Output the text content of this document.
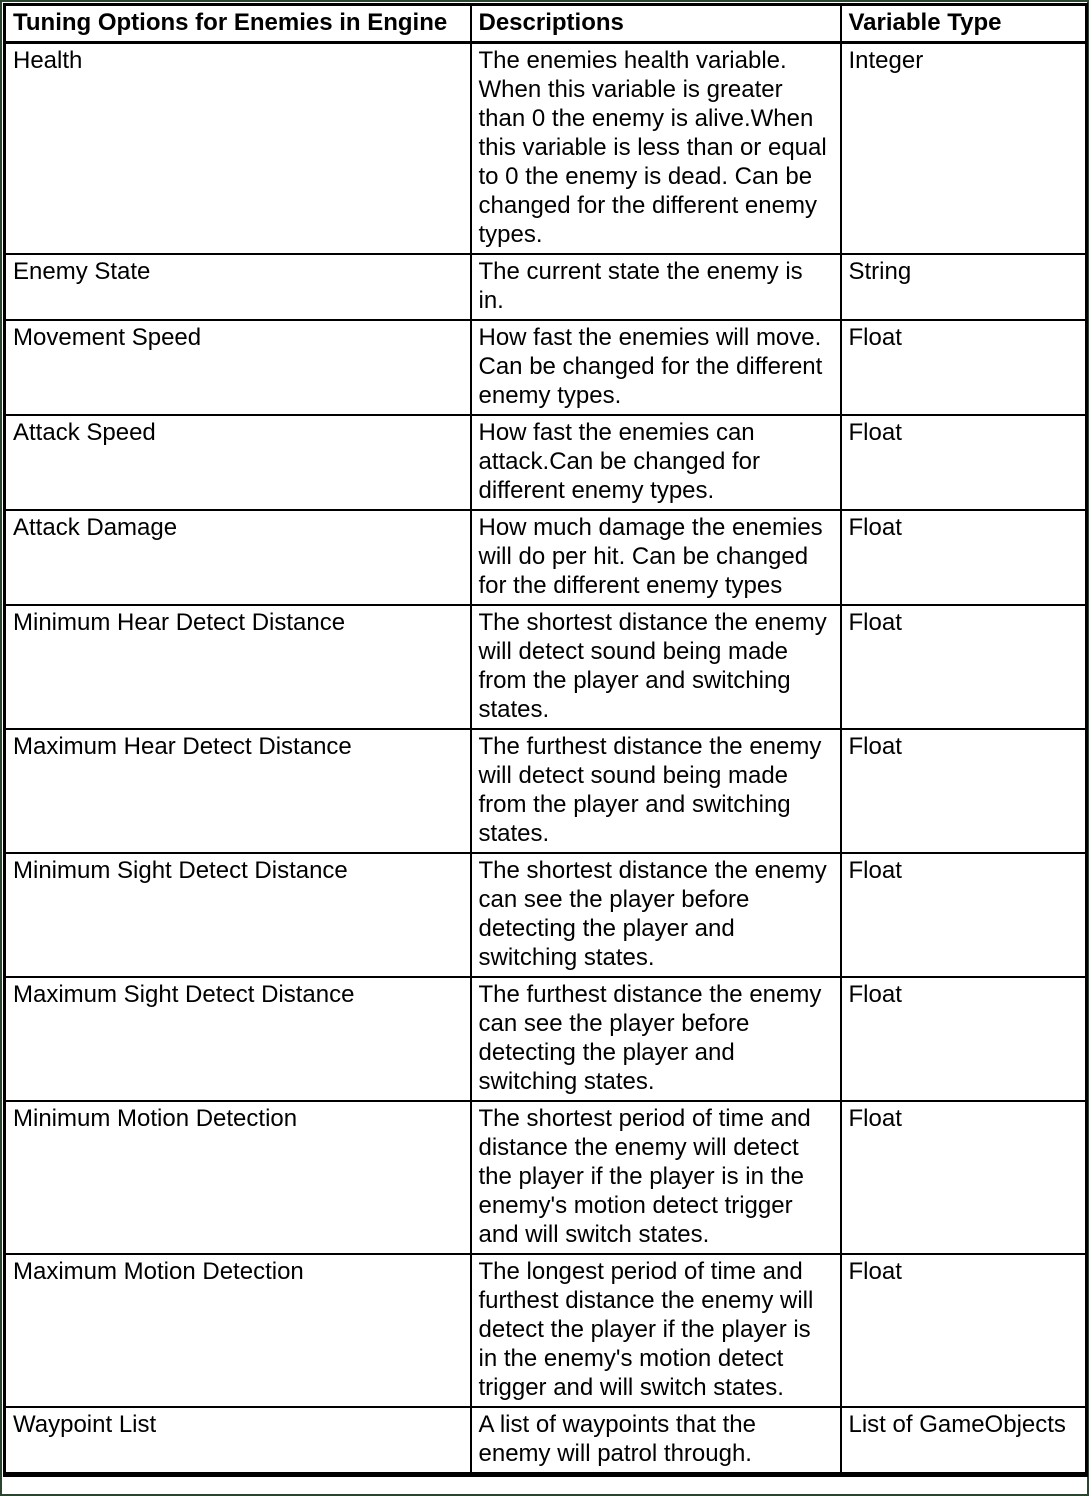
Tuning Options for Enemies in Engine	Descriptions	Variable Type
Health	The enemies health variable. When this variable is greater than 0 the enemy is alive.When this variable is less than or equal to 0 the enemy is dead. Can be changed for the different enemy types.	Integer
Enemy State	The current state the enemy is in.	String
Movement Speed	How fast the enemies will move. Can be changed for the different enemy types.	Float
Attack Speed	How fast the enemies can attack.Can be changed for different enemy types.	Float
Attack Damage	How much damage the enemies will do per hit. Can be changed for the different enemy types	Float
Minimum Hear Detect Distance	The shortest distance the enemy will detect sound being made from the player and switching states.	Float
Maximum Hear Detect Distance	The furthest distance the enemy will detect sound being made from the player and switching states.	Float
Minimum Sight Detect Distance	The shortest distance the enemy can see the player before detecting the player and switching states.	Float
Maximum Sight Detect Distance	The furthest distance the enemy can see the player before detecting the player and switching states.	Float
Minimum Motion Detection	The shortest period of time and distance the enemy will detect the player if the player is in the enemy's motion detect trigger and will switch states.	Float
Maximum Motion Detection	The longest period of time and furthest distance the enemy will detect the player if the player is in the enemy's motion detect trigger and will switch states.	Float
Waypoint List	A list of waypoints that the enemy will patrol through.	List of GameObjects
